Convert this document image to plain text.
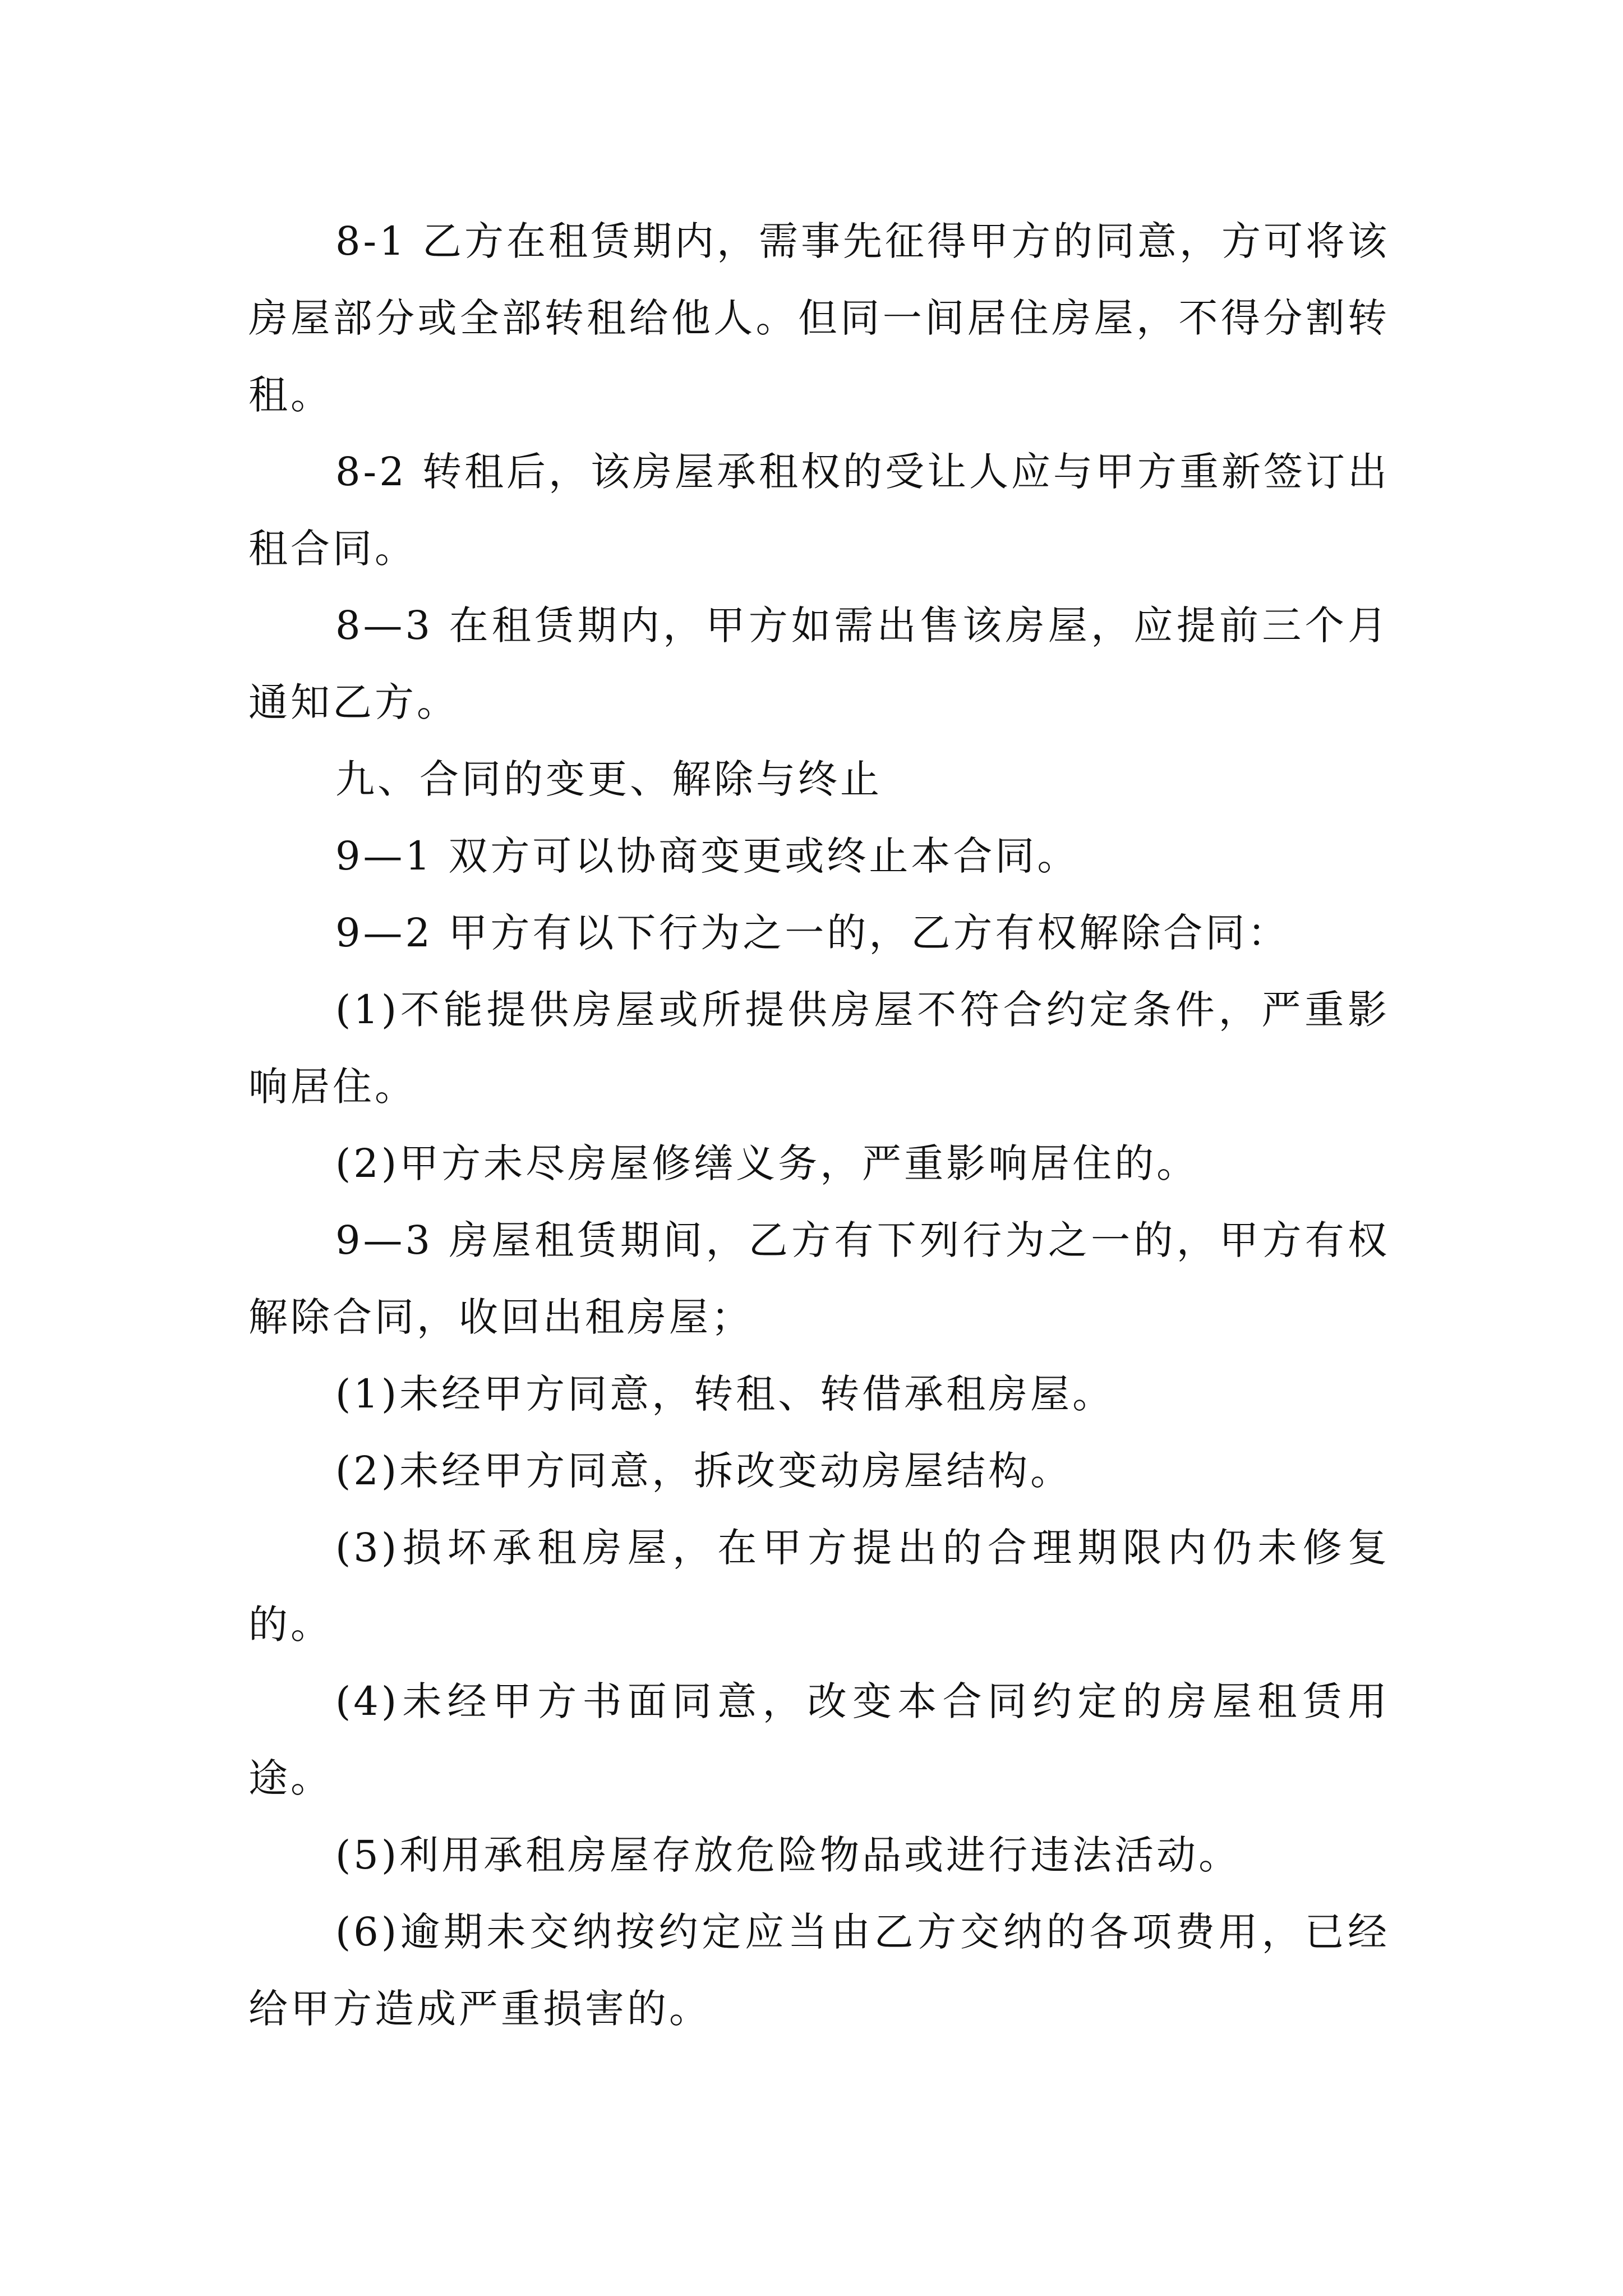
8-1 乙方在租赁期内，需事先征得甲方的同意，方可将该房屋部分或全部转租给他人。但同一间居住房屋，不得分割转租。

8-2 转租后，该房屋承租权的受让人应与甲方重新签订出租合同。

8—3 在租赁期内，甲方如需出售该房屋，应提前三个月通知乙方。

九、合同的变更、解除与终止

9—1 双方可以协商变更或终止本合同。

9—2 甲方有以下行为之一的，乙方有权解除合同：

(1)不能提供房屋或所提供房屋不符合约定条件，严重影响居住。

(2)甲方未尽房屋修缮义务，严重影响居住的。

9—3 房屋租赁期间，乙方有下列行为之一的，甲方有权解除合同，收回出租房屋；

(1)未经甲方同意，转租、转借承租房屋。

(2)未经甲方同意，拆改变动房屋结构。

(3)损坏承租房屋，在甲方提出的合理期限内仍未修复的。

(4)未经甲方书面同意，改变本合同约定的房屋租赁用途。

(5)利用承租房屋存放危险物品或进行违法活动。

(6)逾期未交纳按约定应当由乙方交纳的各项费用，已经给甲方造成严重损害的。
